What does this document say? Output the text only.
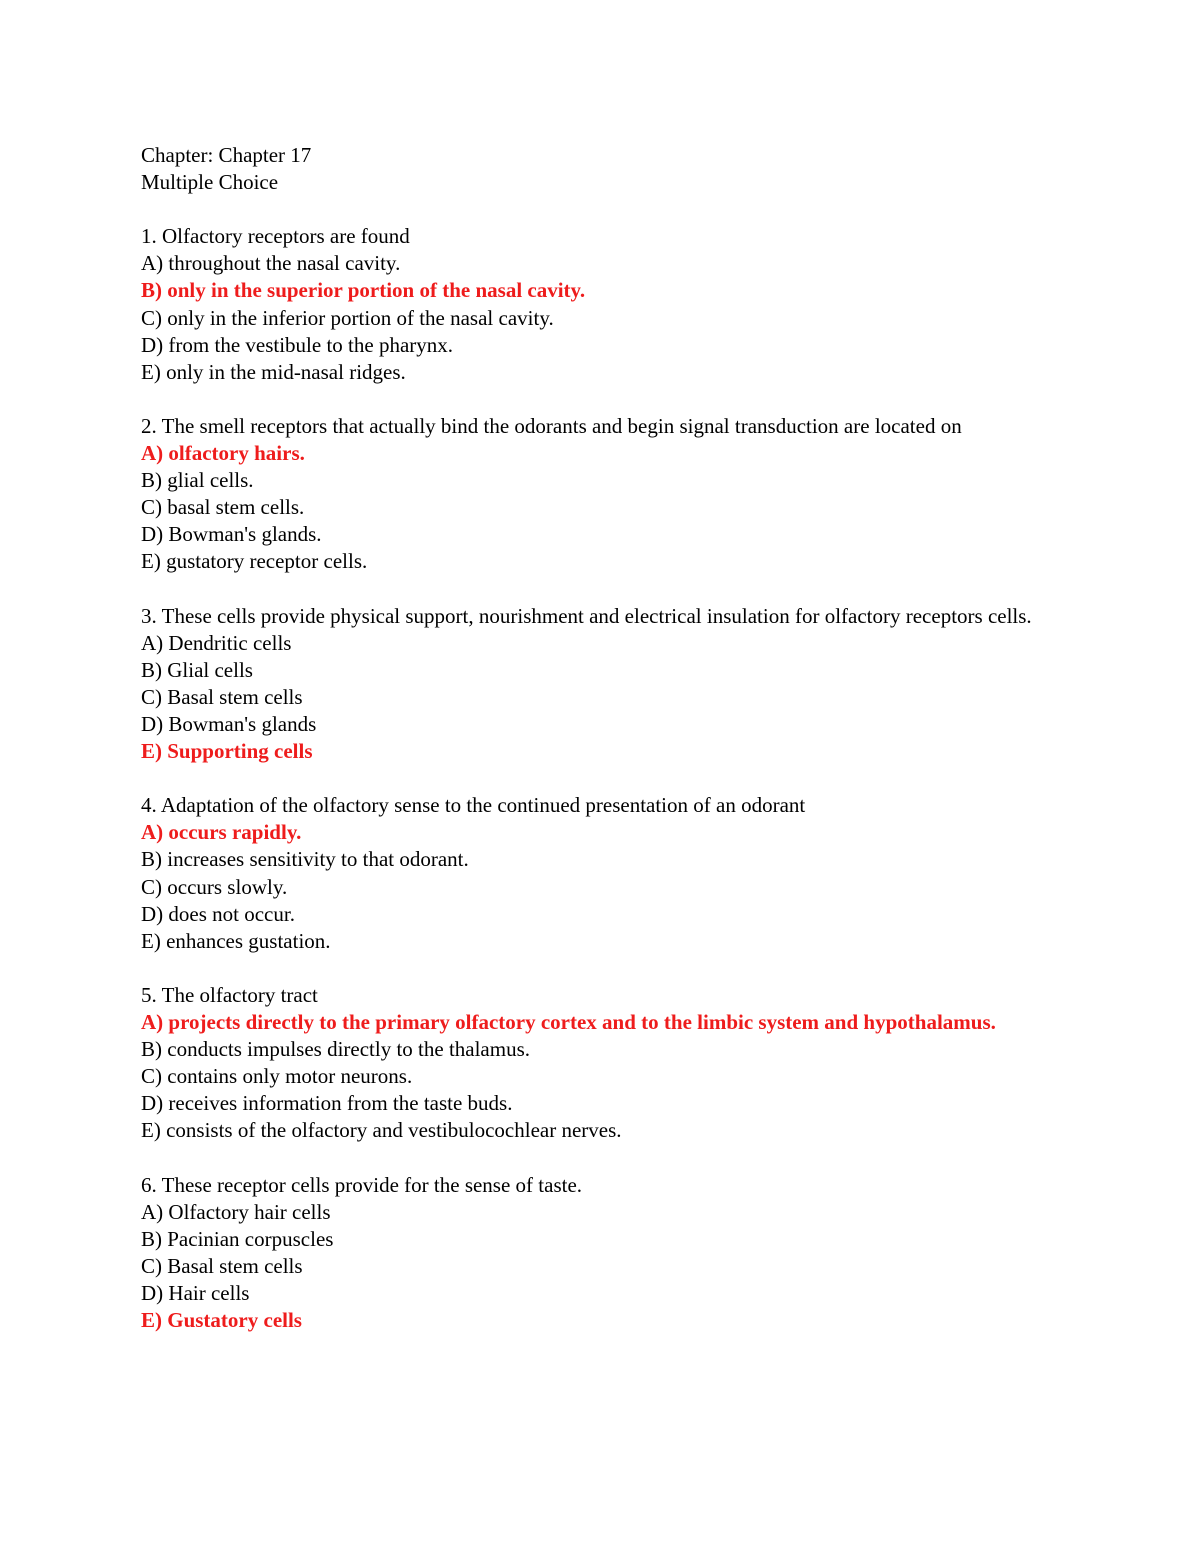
Chapter: Chapter 17
Multiple Choice
1. Olfactory receptors are found
A) throughout the nasal cavity.
B) only in the superior portion of the nasal cavity.
C) only in the inferior portion of the nasal cavity.
D) from the vestibule to the pharynx.
E) only in the mid-nasal ridges.
2. The smell receptors that actually bind the odorants and begin signal transduction are located on
A) olfactory hairs.
B) glial cells.
C) basal stem cells.
D) Bowman's glands.
E) gustatory receptor cells.
3. These cells provide physical support, nourishment and electrical insulation for olfactory receptors cells.
A) Dendritic cells
B) Glial cells
C) Basal stem cells
D) Bowman's glands
E) Supporting cells
4. Adaptation of the olfactory sense to the continued presentation of an odorant
A) occurs rapidly.
B) increases sensitivity to that odorant.
C) occurs slowly.
D) does not occur.
E) enhances gustation.
5. The olfactory tract
A) projects directly to the primary olfactory cortex and to the limbic system and hypothalamus.
B) conducts impulses directly to the thalamus.
C) contains only motor neurons.
D) receives information from the taste buds.
E) consists of the olfactory and vestibulocochlear nerves.
6. These receptor cells provide for the sense of taste.
A) Olfactory hair cells
B) Pacinian corpuscles
C) Basal stem cells
D) Hair cells
E) Gustatory cells
